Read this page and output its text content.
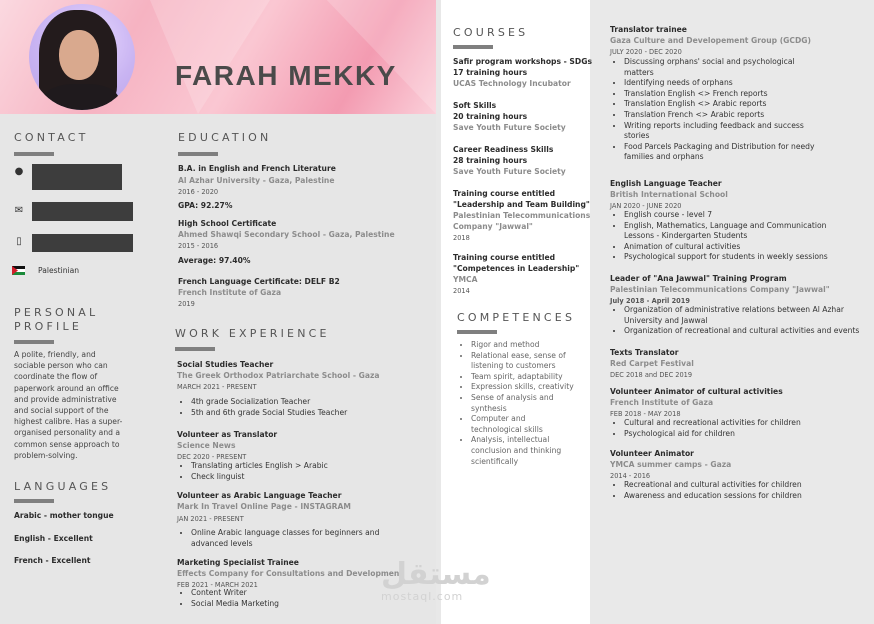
FARAH MEKKY
CONTACT
●
✉
▯
Palestinian
PERSONAL
PROFILE
A polite, friendly, and
sociable person who can
coordinate the flow of
paperwork around an office
and provide administrative
and social support of the
highest calibre. Has a super-
organised personality and a
common sense approach to
problem-solving.
LANGUAGES
Arabic - mother tongue
English - Excellent
French - Excellent
EDUCATION
B.A. in English and French Literature
Al Azhar University - Gaza, Palestine
2016 - 2020
GPA: 92.27%
High School Certificate
Ahmed Shawqi Secondary School - Gaza, Palestine
2015 - 2016
Average: 97.40%
French Language Certificate: DELF B2
French Institute of Gaza
2019
WORK EXPERIENCE
Social Studies Teacher
The Greek Orthodox Patriarchate School - Gaza
MARCH 2021 - PRESENT
• 4th grade Socialization Teacher
• 5th and 6th grade Social Studies Teacher
Volunteer as Translator
Science News
DEC 2020 - PRESENT
• Translating articles English > Arabic
• Check linguist
Volunteer as Arabic Language Teacher
Mark In Travel Online Page - INSTAGRAM
JAN 2021 - PRESENT
• Online Arabic language classes for beginners and
advanced levels
Marketing Specialist Trainee
Effects Company for Consultations and Development
FEB 2021 - MARCH 2021
• Content Writer
• Social Media Marketing
COURSES
Safir program workshops - SDGs
17 training hours
UCAS Technology Incubator
Soft Skills
20 training hours
Save Youth Future Society
Career Readiness Skills
28 training hours
Save Youth Future Society
Training course entitled
"Leadership and Team Building"
Palestinian Telecommunications
Company "Jawwal"
2018
Training course entitled
"Competences in Leadership"
YMCA
2014
COMPETENCES
• Rigor and method
• Relational ease, sense of
listening to customers
• Team spirit, adaptability
• Expression skills, creativity
• Sense of analysis and
synthesis
• Computer and
technological skills
• Analysis, intellectual
conclusion and thinking
scientifically
Translator trainee
Gaza Culture and Developement Group (GCDG)
JULY 2020 - DEC 2020
• Discussing orphans' social and psychological
matters
• Identifying needs of orphans
• Translation English <> French reports
• Translation English <> Arabic reports
• Translation French <> Arabic reports
• Writing reports including feedback and success
stories
• Food Parcels Packaging and Distribution for needy
families and orphans
English Language Teacher
British International School
JAN 2020 - JUNE 2020
• English course - level 7
• English, Mathematics, Language and Communication
Lessons - Kindergarten Students
• Animation of cultural activities
• Psychological support for students in weekly sessions
Leader of "Ana Jawwal" Training Program
Palestinian Telecommunications Company "Jawwal"
July 2018 - April 2019
• Organization of administrative relations between Al Azhar
University and Jawwal
• Organization of recreational and cultural activities and events
Texts Translator
Red Carpet Festival
DEC 2018 and DEC 2019
Volunteer Animator of cultural activities
French Institute of Gaza
FEB 2018 - MAY 2018
• Cultural and recreational activities for children
• Psychological aid for children
Volunteer Animator
YMCA summer camps - Gaza
2014 - 2016
• Recreational and cultural activities for children
• Awareness and education sessions for children
مستقل
mostaql.com
